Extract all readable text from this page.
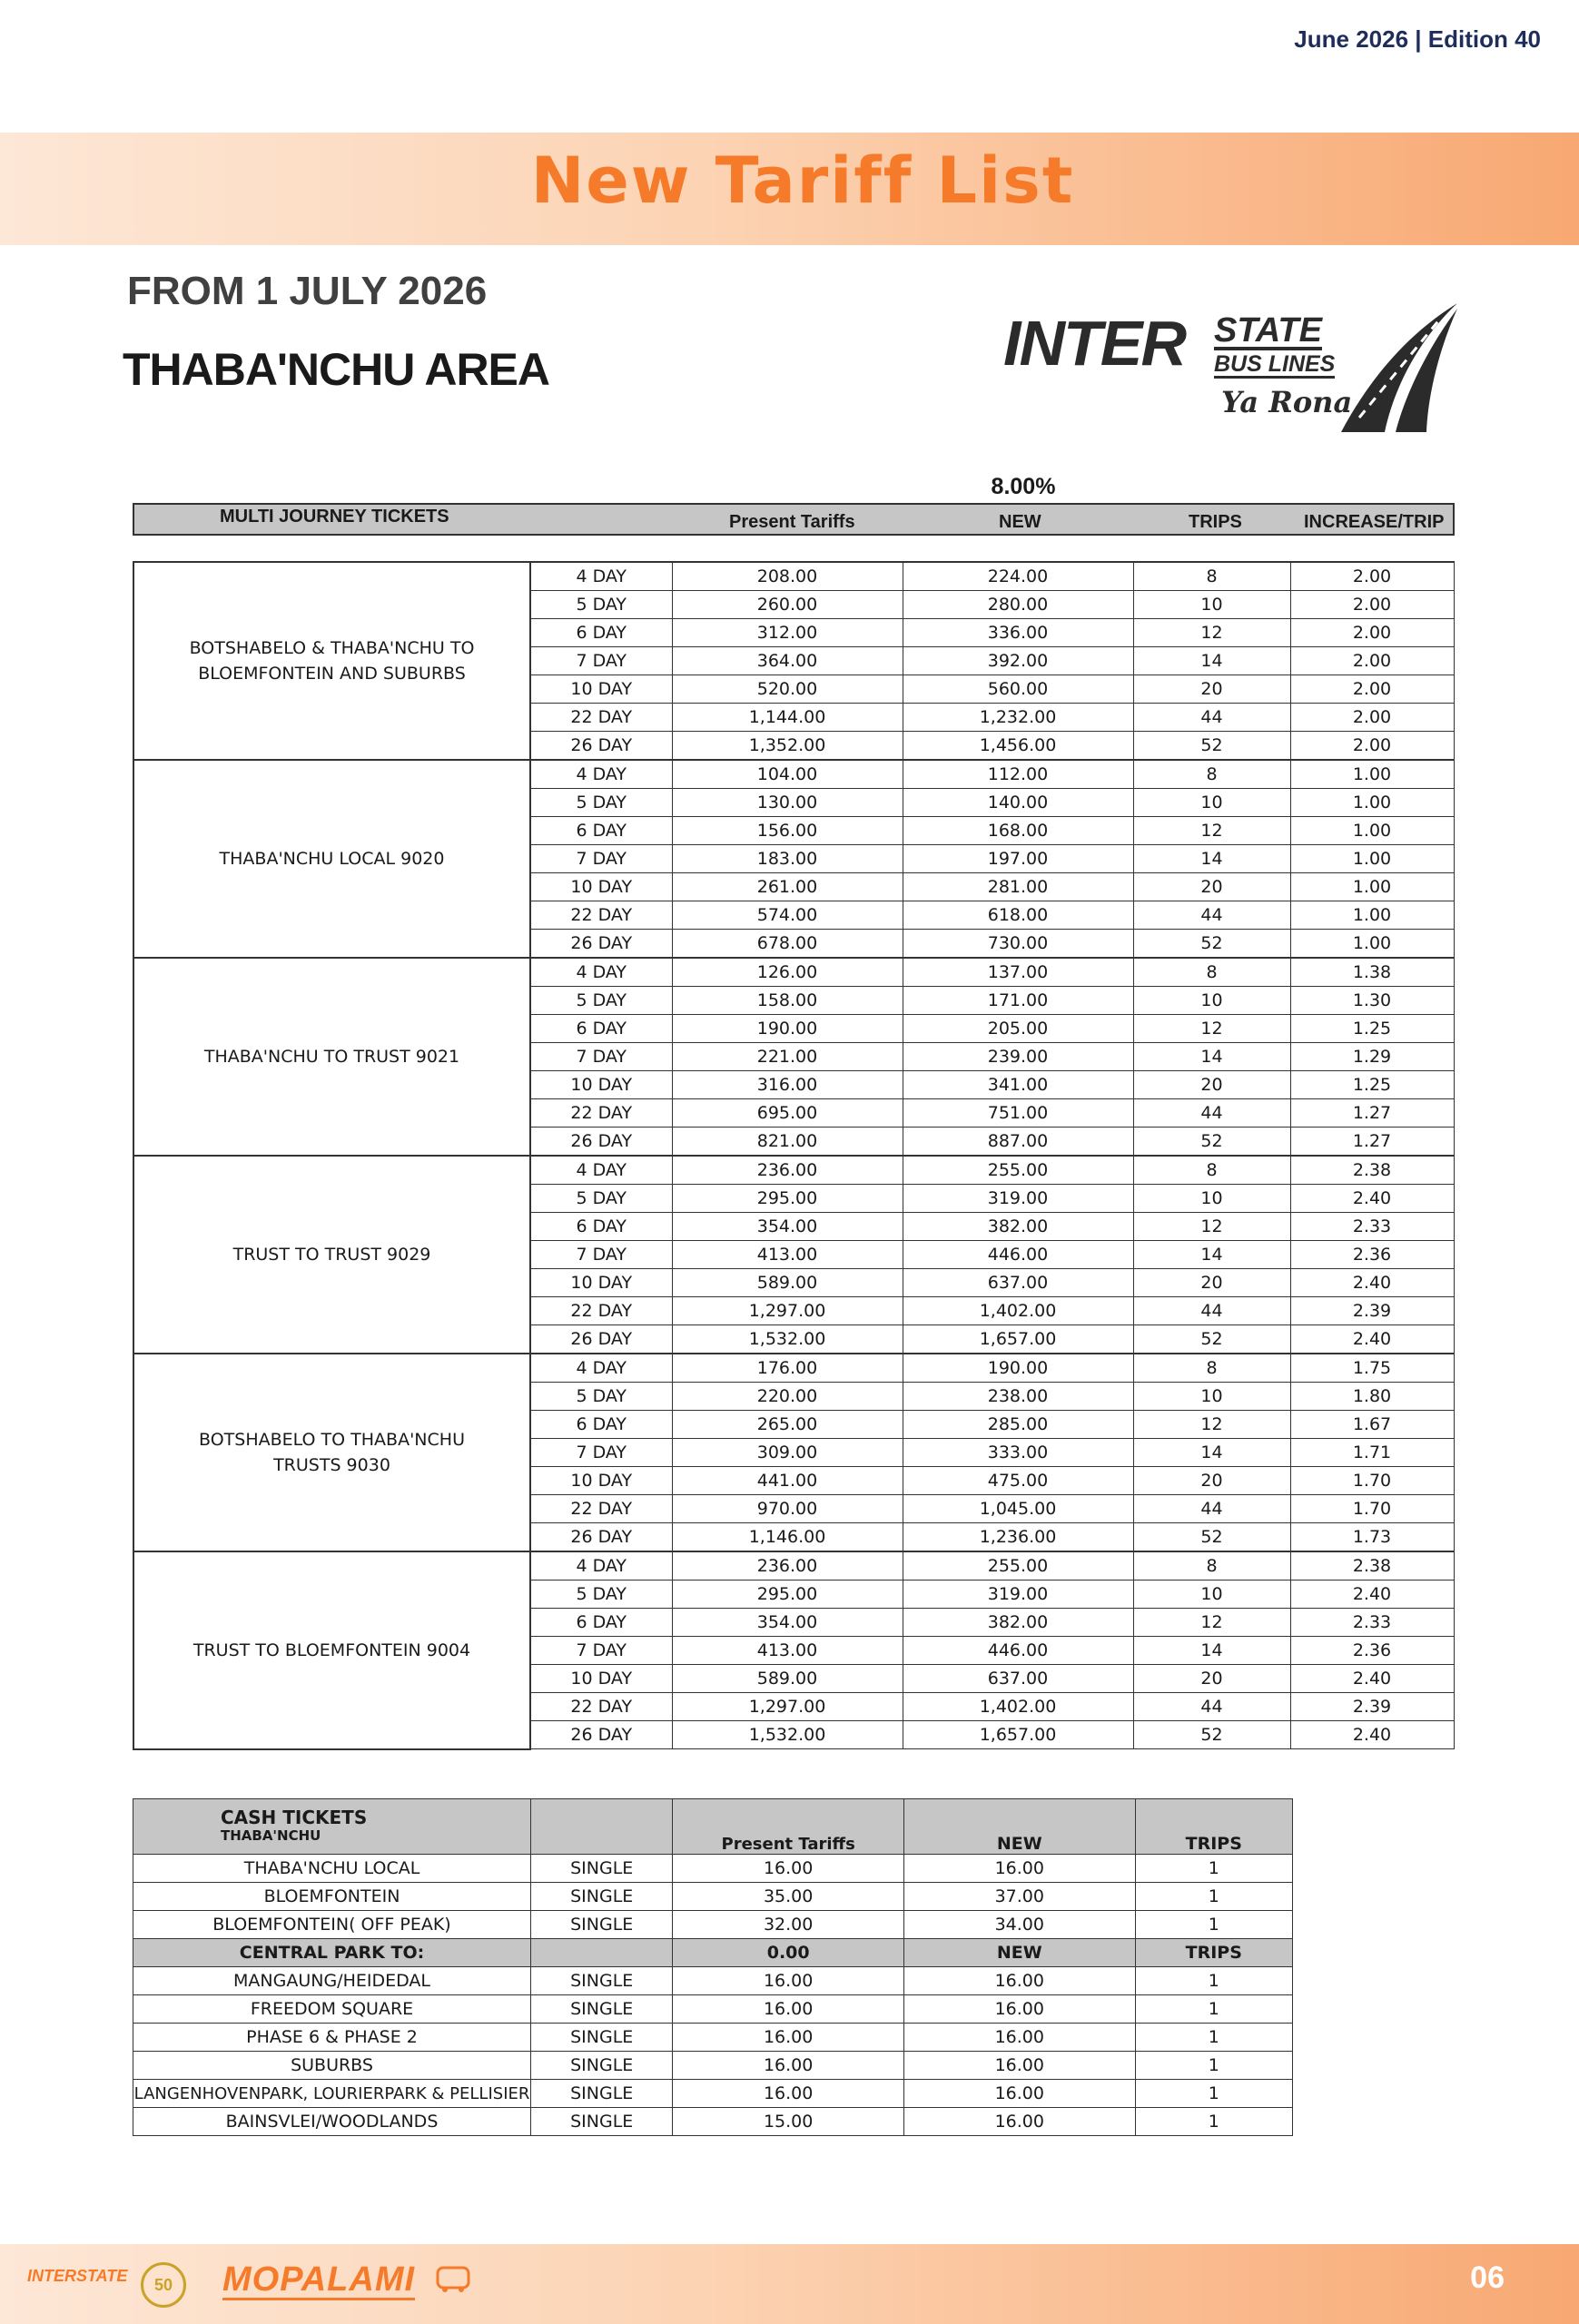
June 2026 | Edition 40
New Tariff List
FROM 1 JULY 2026
THABA'NCHU AREA	INTER STATE
BUS LINES
Ya Rona
8.00%
MULTI JOURNEY TICKETS	Present Tariffs	NEW	TRIPS	INCREASE/TRIP
BOTSHABELO & THABA'NCHU TO BLOEMFONTEIN AND SUBURBS	4 DAY	208.00	224.00	8	2.00
	5 DAY	260.00	280.00	10	2.00
	6 DAY	312.00	336.00	12	2.00
	7 DAY	364.00	392.00	14	2.00
	10 DAY	520.00	560.00	20	2.00
	22 DAY	1,144.00	1,232.00	44	2.00
	26 DAY	1,352.00	1,456.00	52	2.00
THABA'NCHU LOCAL 9020	4 DAY	104.00	112.00	8	1.00
	5 DAY	130.00	140.00	10	1.00
	6 DAY	156.00	168.00	12	1.00
	7 DAY	183.00	197.00	14	1.00
	10 DAY	261.00	281.00	20	1.00
	22 DAY	574.00	618.00	44	1.00
	26 DAY	678.00	730.00	52	1.00
THABA'NCHU TO TRUST 9021	4 DAY	126.00	137.00	8	1.38
	5 DAY	158.00	171.00	10	1.30
	6 DAY	190.00	205.00	12	1.25
	7 DAY	221.00	239.00	14	1.29
	10 DAY	316.00	341.00	20	1.25
	22 DAY	695.00	751.00	44	1.27
	26 DAY	821.00	887.00	52	1.27
TRUST TO TRUST 9029	4 DAY	236.00	255.00	8	2.38
	5 DAY	295.00	319.00	10	2.40
	6 DAY	354.00	382.00	12	2.33
	7 DAY	413.00	446.00	14	2.36
	10 DAY	589.00	637.00	20	2.40
	22 DAY	1,297.00	1,402.00	44	2.39
	26 DAY	1,532.00	1,657.00	52	2.40
BOTSHABELO TO THABA'NCHU TRUSTS 9030	4 DAY	176.00	190.00	8	1.75
	5 DAY	220.00	238.00	10	1.80
	6 DAY	265.00	285.00	12	1.67
	7 DAY	309.00	333.00	14	1.71
	10 DAY	441.00	475.00	20	1.70
	22 DAY	970.00	1,045.00	44	1.70
	26 DAY	1,146.00	1,236.00	52	1.73
TRUST TO BLOEMFONTEIN 9004	4 DAY	236.00	255.00	8	2.38
	5 DAY	295.00	319.00	10	2.40
	6 DAY	354.00	382.00	12	2.33
	7 DAY	413.00	446.00	14	2.36
	10 DAY	589.00	637.00	20	2.40
	22 DAY	1,297.00	1,402.00	44	2.39
	26 DAY	1,532.00	1,657.00	52	2.40
CASH TICKETS
THABA'NCHU		Present Tariffs	NEW	TRIPS
THABA'NCHU LOCAL	SINGLE	16.00	16.00	1
BLOEMFONTEIN	SINGLE	35.00	37.00	1
BLOEMFONTEIN( OFF PEAK)	SINGLE	32.00	34.00	1
CENTRAL PARK TO:		0.00	NEW	TRIPS
MANGAUNG/HEIDEDAL	SINGLE	16.00	16.00	1
FREEDOM SQUARE	SINGLE	16.00	16.00	1
PHASE 6 & PHASE 2	SINGLE	16.00	16.00	1
SUBURBS	SINGLE	16.00	16.00	1
LANGENHOVENPARK, LOURIERPARK & PELLISIER	SINGLE	16.00	16.00	1
BAINSVLEI/WOODLANDS	SINGLE	15.00	16.00	1
INTERSTATE	50	MOPALAMI	06
